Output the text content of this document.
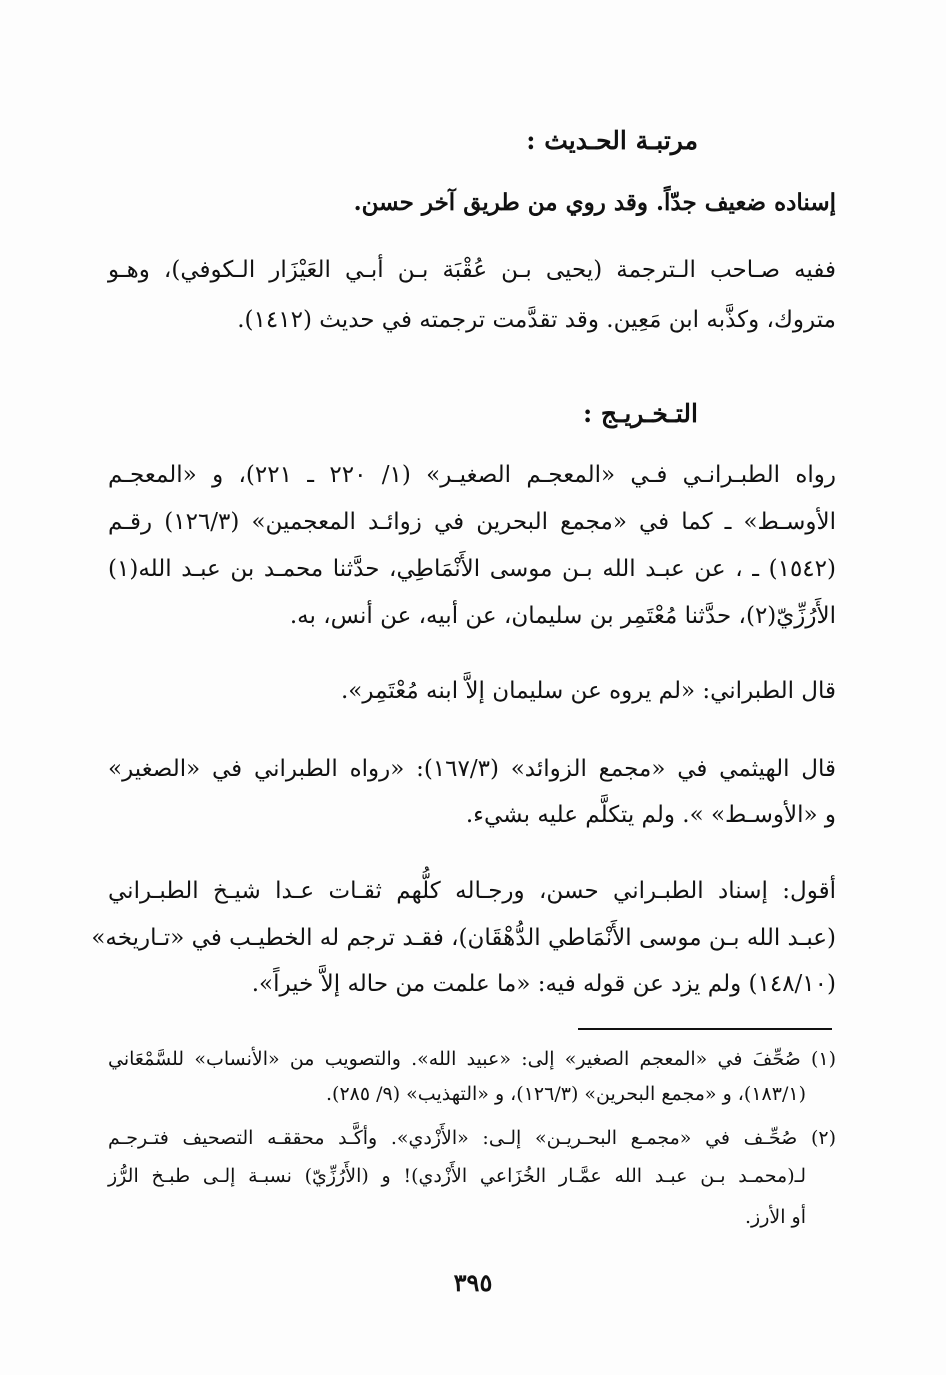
مرتبـة الحـديث :
إسناده ضعيف جدّاً. وقد روي من طريق آخر حسن.
ففيه صـاحب الـترجمة (يحيى بـن عُقْبَة بـن أبـي العَيْزَار الـكوفي)، وهـو
متروك، وكذَّبه ابن مَعِين. وقد تقدَّمت ترجمته في حديث (١٤١٢).
التـخـريـج :
رواه الطبـرانـي فـي «المعجـم الصغيـر» (١/ ٢٢٠ ـ ٢٢١)، و «المعجـم
الأوسـط» ـ كما في «مجمع البحرين في زوائـد المعجمين» (١٢٦/٣) رقـم
(١٥٤٢) ـ ، عن عبـد الله بـن موسى الأَنْمَاطِي، حدَّثنا محمـد بن عبـد الله(١)
الأَرُزِّيّ(٢)، حدَّثنا مُعْتَمِر بن سليمان، عن أبيه، عن أنس، به.
قال الطبراني: «لم يروه عن سليمان إلاَّ ابنه مُعْتَمِر».
قال الهيثمي في «مجمع الزوائد» (١٦٧/٣): «رواه الطبراني في «الصغير»
و «الأوسـط» ». ولم يتكلَّم عليه بشيء.
أقول: إسناد الطبـراني حسن، ورجـاله كلُّهم ثقـات عـدا شيـخ الطبـراني
(عبـد الله بـن موسى الأَنْمَاطي الدُّهْقَان)، فقـد ترجم له الخطيـب في «تـاريخه»
(١٤٨/١٠) ولم يزد عن قوله فيه: «ما علمت من حاله إلاَّ خيراً».
(١) صُحِّفَ في «المعجم الصغير» إلى: «عبيد الله». والتصويب من «الأنساب» للسَّمْعَاني
(١٨٣/١)، و «مجمع البحرين» (١٢٦/٣)، و «التهذيب» (٩/ ٢٨٥).
(٢) صُحِّـف في «مجمـع البحـريـن» إلـى: «الأَزْدي». وأكَّـد محققـه التصحيف فتـرجـم
لـ(محمـد بـن عبـد الله عمَّـار الخُزَاعي الأَزْدي)! و (الأَرُزِّيّ) نسبـة إلـى طبـخ الرُّز
أو الأرز.
٣٩٥
